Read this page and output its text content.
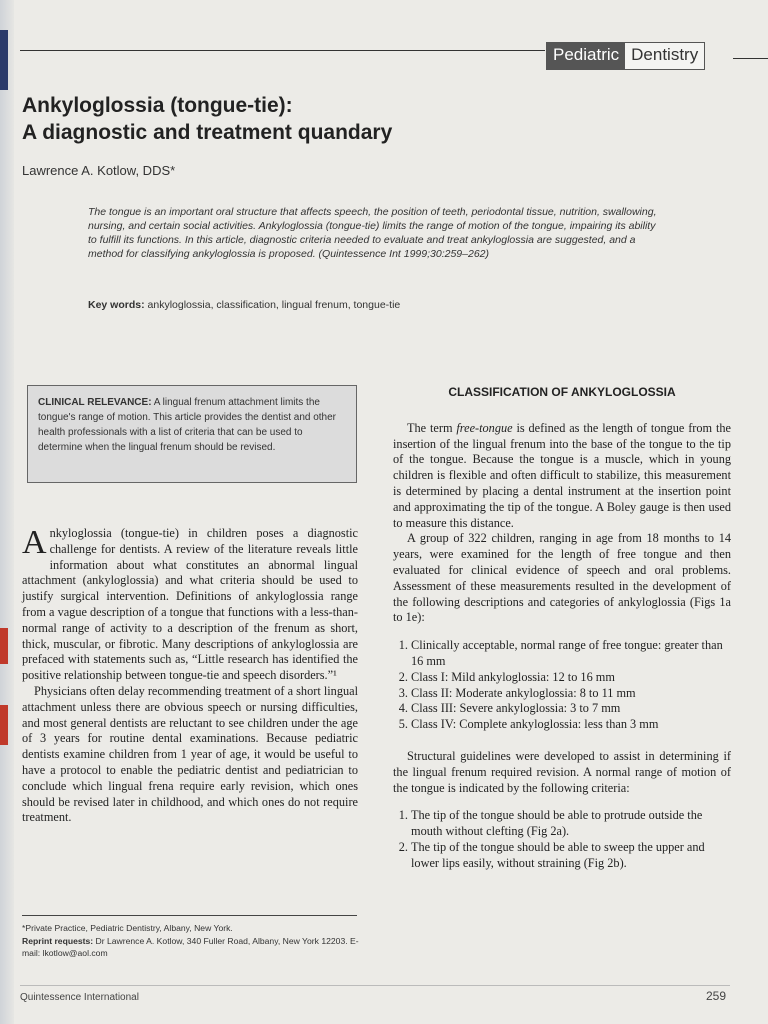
Pediatric Dentistry
Ankyloglossia (tongue-tie):
A diagnostic and treatment quandary
Lawrence A. Kotlow, DDS*
The tongue is an important oral structure that affects speech, the position of teeth, periodontal tissue, nutrition, swallowing, nursing, and certain social activities. Ankyloglossia (tongue-tie) limits the range of motion of the tongue, impairing its ability to fulfill its functions. In this article, diagnostic criteria needed to evaluate and treat ankyloglossia are suggested, and a method for classifying ankyloglossia is proposed. (Quintessence Int 1999;30:259–262)
Key words: ankyloglossia, classification, lingual frenum, tongue-tie
CLINICAL RELEVANCE: A lingual frenum attachment limits the tongue's range of motion. This article provides the dentist and other health professionals with a list of criteria that can be used to determine when the lingual frenum should be revised.

Ankyloglossia (tongue-tie) in children poses a diagnostic challenge for dentists. A review of the literature reveals little information about what constitutes an abnormal lingual attachment (ankyloglossia) and what criteria should be used to justify surgical intervention. Definitions of ankyloglossia range from a vague description of a tongue that functions with a less-than-normal range of activity to a description of the frenum as short, thick, muscular, or fibrotic. Many descriptions of ankyloglossia are prefaced with statements such as, “Little research has identified the positive relationship between tongue-tie and speech disorders.”¹

Physicians often delay recommending treatment of a short lingual attachment unless there are obvious speech or nursing difficulties, and most general dentists are reluctant to see children under the age of 3 years for routine dental examinations. Because pediatric dentists examine children from 1 year of age, it would be useful to have a protocol to enable the pediatric dentist and pediatrician to conclude which lingual frena require early revision, which ones should be revised later in childhood, and which ones do not require treatment.

CLASSIFICATION OF ANKYLOGLOSSIA

The term free-tongue is defined as the length of tongue from the insertion of the lingual frenum into the base of the tongue to the tip of the tongue. Because the tongue is a muscle, which in young children is flexible and often difficult to stabilize, this measurement is determined by placing a dental instrument at the insertion point and approximating the tip of the tongue. A Boley gauge is then used to measure this distance.

A group of 322 children, ranging in age from 18 months to 14 years, were examined for the length of free tongue and then evaluated for clinical evidence of speech and oral problems. Assessment of these measurements resulted in the development of the following descriptions and categories of ankyloglossia (Figs 1a to 1e):

1. Clinically acceptable, normal range of free tongue: greater than 16 mm
2. Class I: Mild ankyloglossia: 12 to 16 mm
3. Class II: Moderate ankyloglossia: 8 to 11 mm
4. Class III: Severe ankyloglossia: 3 to 7 mm
5. Class IV: Complete ankyloglossia: less than 3 mm

Structural guidelines were developed to assist in determining if the lingual frenum required revision. A normal range of motion of the tongue is indicated by the following criteria:

1. The tip of the tongue should be able to protrude outside the mouth without clefting (Fig 2a).
2. The tip of the tongue should be able to sweep the upper and lower lips easily, without straining (Fig 2b).
*Private Practice, Pediatric Dentistry, Albany, New York.
Reprint requests: Dr Lawrence A. Kotlow, 340 Fuller Road, Albany, New York 12203. E-mail: lkotlow@aol.com
Quintessence International	259
